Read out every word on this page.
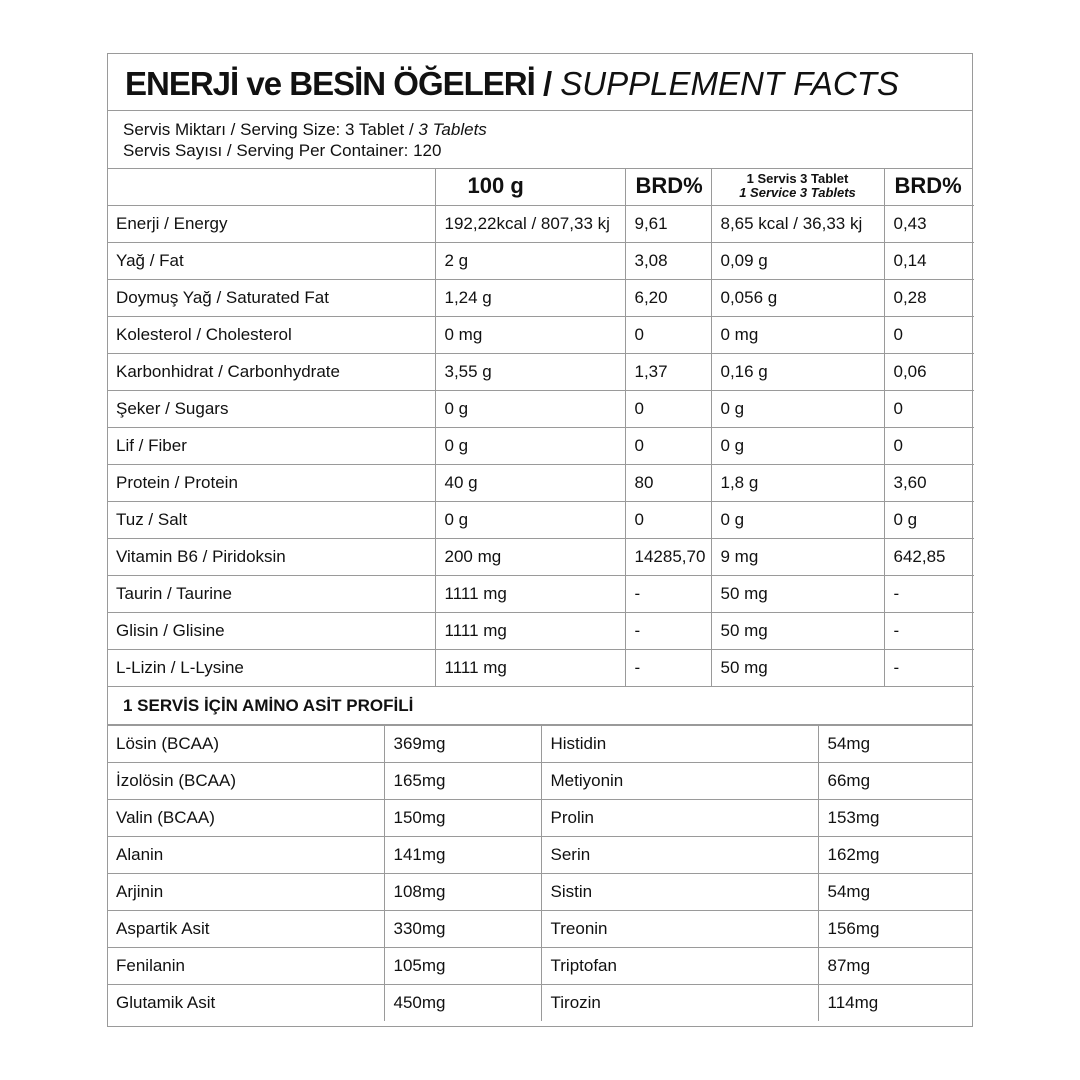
ENERJİ ve BESİN ÖĞELERİ / SUPPLEMENT FACTS
Servis Miktarı / Serving Size: 3 Tablet / 3 Tablets
Servis Sayısı / Serving Per Container: 120
	100 g	BRD%	1 Servis 3 Tablet
1 Service 3 Tablets	BRD%
Enerji / Energy	192,22kcal / 807,33 kj	9,61	8,65 kcal / 36,33 kj	0,43
Yağ / Fat	2 g	3,08	0,09 g	0,14
Doymuş Yağ / Saturated Fat	1,24 g	6,20	0,056 g	0,28
Kolesterol / Cholesterol	0 mg	0	0 mg	0
Karbonhidrat / Carbonhydrate	3,55 g	1,37	0,16 g	0,06
Şeker / Sugars	0 g	0	0 g	0
Lif / Fiber	0 g	0	0 g	0
Protein / Protein	40 g	80	1,8 g	3,60
Tuz / Salt	0 g	0	0 g	0 g
Vitamin B6 / Piridoksin	200 mg	14285,70	9 mg	642,85
Taurin / Taurine	1111 mg	-	50 mg	-
Glisin / Glisine	1111 mg	-	50 mg	-
L-Lizin / L-Lysine	1111 mg	-	50 mg	-
1 SERVİS İÇİN AMİNO ASİT PROFİLİ
Lösin (BCAA)	369mg	Histidin	54mg
İzolösin (BCAA)	165mg	Metiyonin	66mg
Valin (BCAA)	150mg	Prolin	153mg
Alanin	141mg	Serin	162mg
Arjinin	108mg	Sistin	54mg
Aspartik Asit	330mg	Treonin	156mg
Fenilanin	105mg	Triptofan	87mg
Glutamik Asit	450mg	Tirozin	114mg
